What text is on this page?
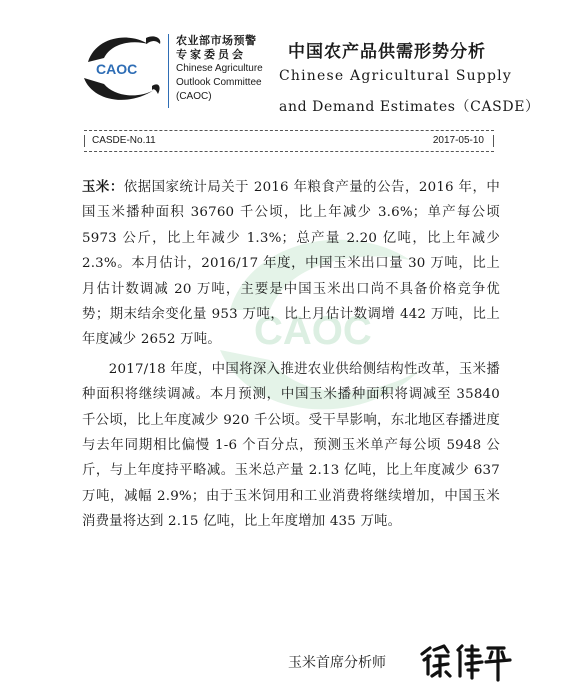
CAOC
农业部市场预警
专家委员会
Chinese Agriculture
Outlook Committee
(CAOC)
中国农产品供需形势分析
Chinese Agricultural Supply
and Demand Estimates（CASDE）
CASDE-No.11	2017-05-10
CAOC

玉米：依据国家统计局关于 2016 年粮食产量的公告，2016 年，中国玉米播种面积 36760 千公顷，比上年减少 3.6%；单产每公顷 5973 公斤，比上年减少 1.3%；总产量 2.20 亿吨，比上年减少 2.3%。本月估计，2016/17 年度，中国玉米出口量 30 万吨，比上月估计数调减 20 万吨，主要是中国玉米出口尚不具备价格竞争优势；期末结余变化量 953 万吨，比上月估计数调增 442 万吨，比上年度减少 2652 万吨。

2017/18 年度，中国将深入推进农业供给侧结构性改革，玉米播种面积将继续调减。本月预测，中国玉米播种面积将调减至 35840 千公顷，比上年度减少 920 千公顷。受干旱影响，东北地区春播进度与去年同期相比偏慢 1-6 个百分点，预测玉米单产每公顷 5948 公斤，与上年度持平略减。玉米总产量 2.13 亿吨，比上年度减少 637 万吨，减幅 2.9%；由于玉米饲用和工业消费将继续增加，中国玉米消费量将达到 2.15 亿吨，比上年度增加 435 万吨。

玉米首席分析师
